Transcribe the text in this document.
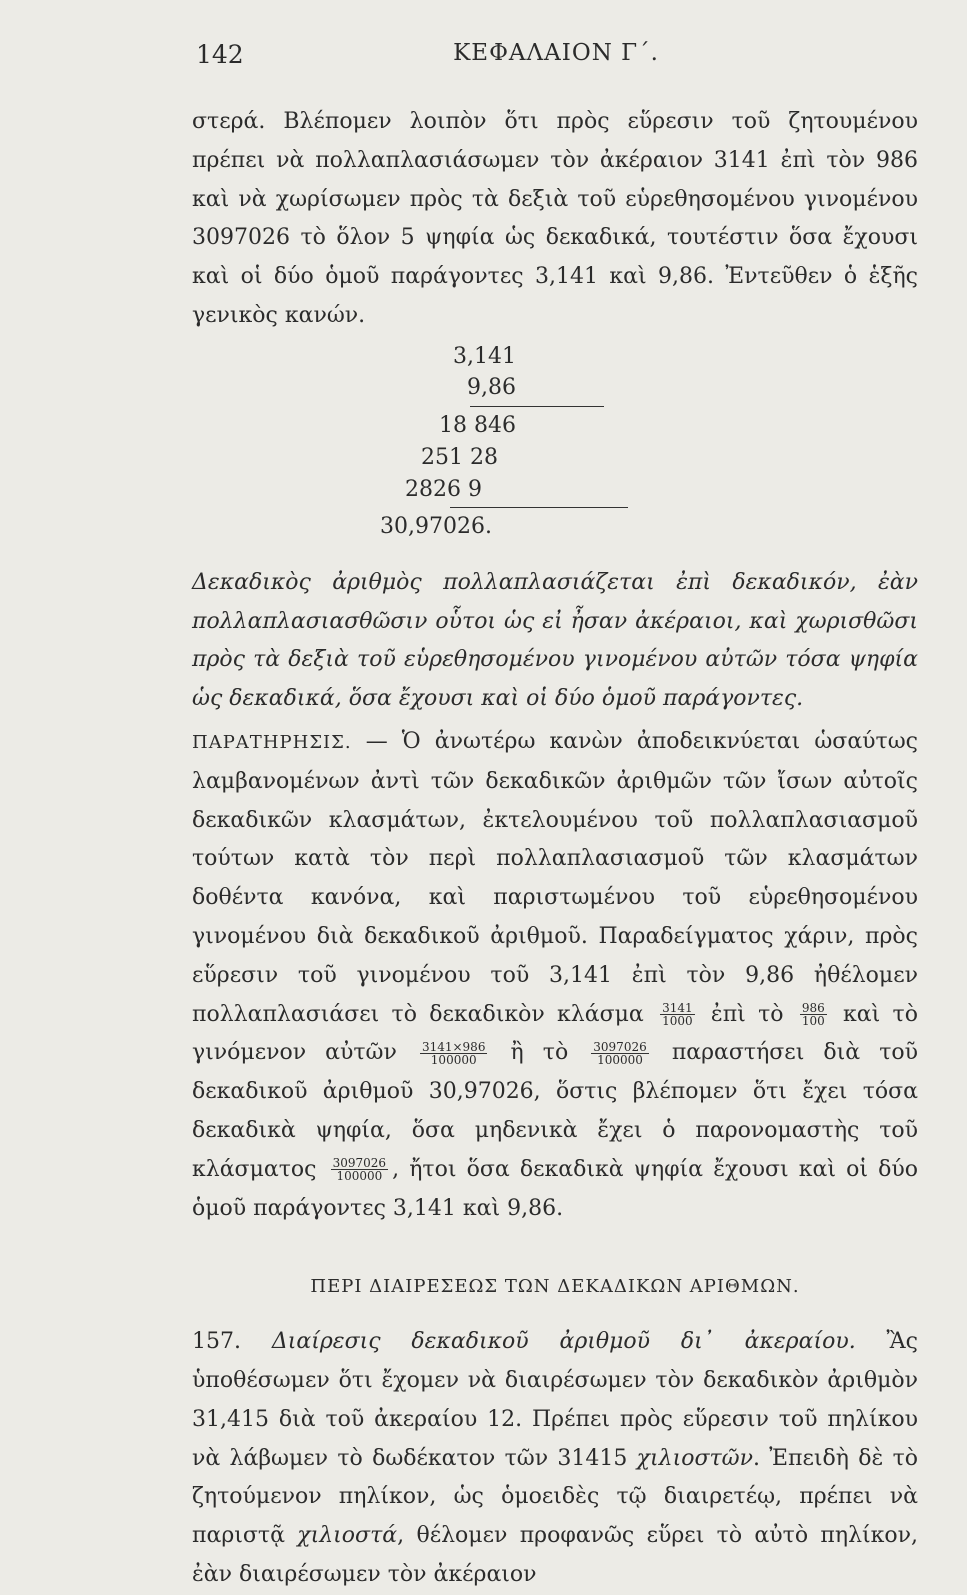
142	ΚΕΦΑΛΑΙΟΝ Γ΄.

στερά. Βλέπομεν λοιπὸν ὅτι πρὸς εὕρεσιν τοῦ ζητουμένου πρέπει νὰ πολλαπλασιάσωμεν τὸν ἀκέραιον 3141 ἐπὶ τὸν 986 καὶ νὰ χωρίσωμεν πρὸς τὰ δεξιὰ τοῦ εὑρεθησομένου γινομένου 3097026 τὸ ὅλον 5 ψηφία ὡς δεκαδικά, τουτέστιν ὅσα ἔχουσι καὶ οἱ δύο ὁμοῦ παράγοντες 3,141 καὶ 9,86. Ἐντεῦθεν ὁ ἑξῆς γενικὸς κανών.

3,141
9,86
18 846
251 28
2826 9
30,97026.

Δεκαδικὸς ἀριθμὸς πολλαπλασιάζεται ἐπὶ δεκαδικόν, ἐὰν πολλαπλασιασθῶσιν οὗτοι ὡς εἰ ἦσαν ἀκέραιοι, καὶ χωρισθῶσι πρὸς τὰ δεξιὰ τοῦ εὑρεθησομένου γινομένου αὐτῶν τόσα ψηφία ὡς δεκαδικά, ὅσα ἔχουσι καὶ οἱ δύο ὁμοῦ παράγοντες.

ΠΑΡΑΤΗΡΗΣΙΣ. — Ὁ ἀνωτέρω κανὼν ἀποδεικνύεται ὡσαύτως λαμβανομένων ἀντὶ τῶν δεκαδικῶν ἀριθμῶν τῶν ἴσων αὐτοῖς δεκαδικῶν κλασμάτων, ἐκτελουμένου τοῦ πολλαπλασιασμοῦ τούτων κατὰ τὸν περὶ πολλαπλασιασμοῦ τῶν κλασμάτων δοθέντα κανόνα, καὶ παριστωμένου τοῦ εὑρεθησομένου γινομένου διὰ δεκαδικοῦ ἀριθμοῦ. Παραδείγματος χάριν, πρὸς εὕρεσιν τοῦ γινομένου τοῦ 3,141 ἐπὶ τὸν 9,86 ἠθέλομεν πολλαπλασιάσει τὸ δεκαδικὸν κλάσμα $\frac{3141}{1000}$ ἐπὶ τὸ $\frac{986}{100}$ καὶ τὸ γινόμενον αὐτῶν $\frac{3141\times 986}{100000}$ ἢ τὸ $\frac{3097026}{100000}$ παραστήσει διὰ τοῦ δεκαδικοῦ ἀριθμοῦ 30,97026, ὅστις βλέπομεν ὅτι ἔχει τόσα δεκαδικὰ ψηφία, ὅσα μηδενικὰ ἔχει ὁ παρονομαστὴς τοῦ κλάσματος $\frac{3097026}{100000}$ , ἤτοι ὅσα δεκαδικὰ ψηφία ἔχουσι καὶ οἱ δύο ὁμοῦ παράγοντες 3,141 καὶ 9,86.

ΠΕΡΙ ΔΙΑΙΡΕΣΕΩΣ ΤΩΝ ΔΕΚΑΔΙΚΩΝ ΑΡΙΘΜΩΝ.

157. Διαίρεσις δεκαδικοῦ ἀριθμοῦ δι᾽ ἀκεραίου. Ἂς ὑποθέσωμεν ὅτι ἔχομεν νὰ διαιρέσωμεν τὸν δεκαδικὸν ἀριθμὸν 31,415 διὰ τοῦ ἀκεραίου 12. Πρέπει πρὸς εὕρεσιν τοῦ πηλίκου νὰ λάβωμεν τὸ δωδέκατον τῶν 31415 χιλιοστῶν. Ἐπειδὴ δὲ τὸ ζητούμενον πηλίκον, ὡς ὁμοειδὲς τῷ διαιρετέῳ, πρέπει νὰ παριστᾷ χιλιοστά, θέλομεν προφανῶς εὕρει τὸ αὐτὸ πηλίκον, ἐὰν διαιρέσωμεν τὸν ἀκέραιον
